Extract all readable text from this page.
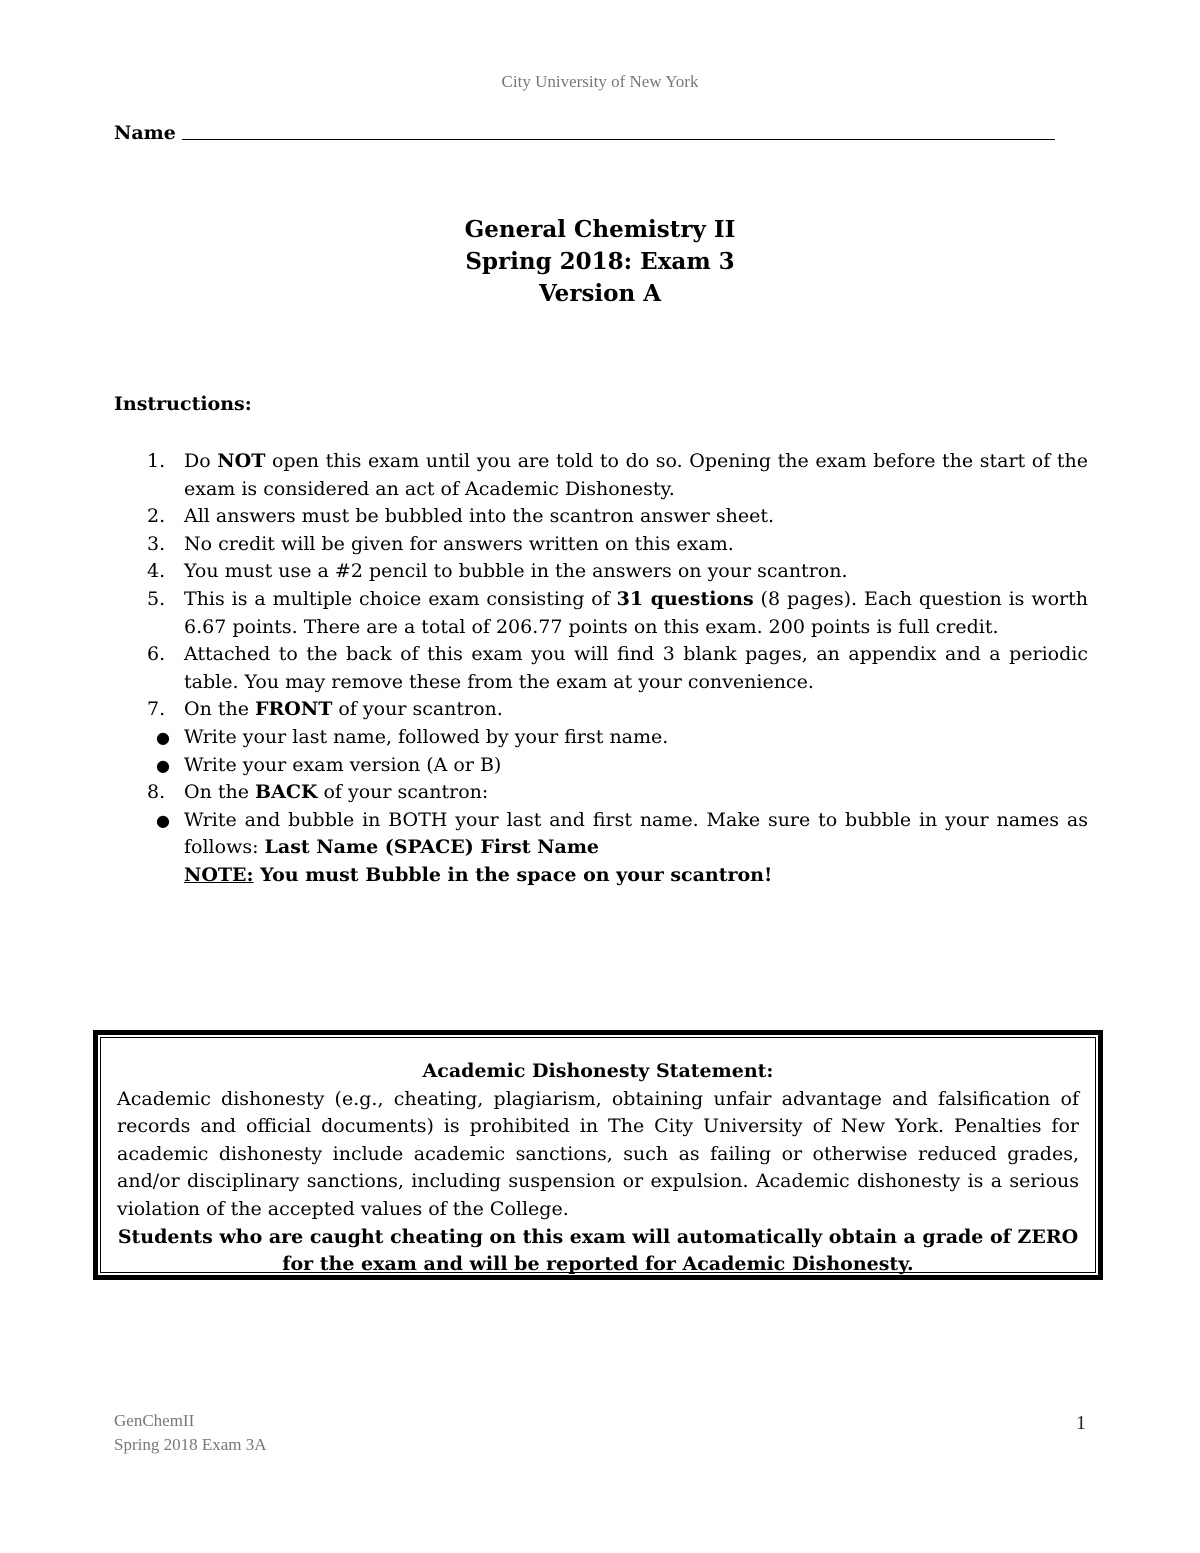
City University of New York
Name
General Chemistry II
Spring 2018: Exam 3
Version A
Instructions:
1. Do NOT open this exam until you are told to do so. Opening the exam before the start of the exam is considered an act of Academic Dishonesty.
2. All answers must be bubbled into the scantron answer sheet.
3. No credit will be given for answers written on this exam.
4. You must use a #2 pencil to bubble in the answers on your scantron.
5. This is a multiple choice exam consisting of 31 questions (8 pages). Each question is worth 6.67 points. There are a total of 206.77 points on this exam. 200 points is full credit.
6. Attached to the back of this exam you will find 3 blank pages, an appendix and a periodic table. You may remove these from the exam at your convenience.
7. On the FRONT of your scantron.
● Write your last name, followed by your first name.
● Write your exam version (A or B)
8. On the BACK of your scantron:
● Write and bubble in BOTH your last and first name. Make sure to bubble in your names as follows: Last Name (SPACE) First Name
NOTE: You must Bubble in the space on your scantron!
Academic Dishonesty Statement:
Academic dishonesty (e.g., cheating, plagiarism, obtaining unfair advantage and falsification of records and official documents) is prohibited in The City University of New York. Penalties for academic dishonesty include academic sanctions, such as failing or otherwise reduced grades, and/or disciplinary sanctions, including suspension or expulsion. Academic dishonesty is a serious violation of the accepted values of the College.
Students who are caught cheating on this exam will automatically obtain a grade of ZERO for the exam and will be reported for Academic Dishonesty.
GenChemII
Spring 2018 Exam 3A
1
